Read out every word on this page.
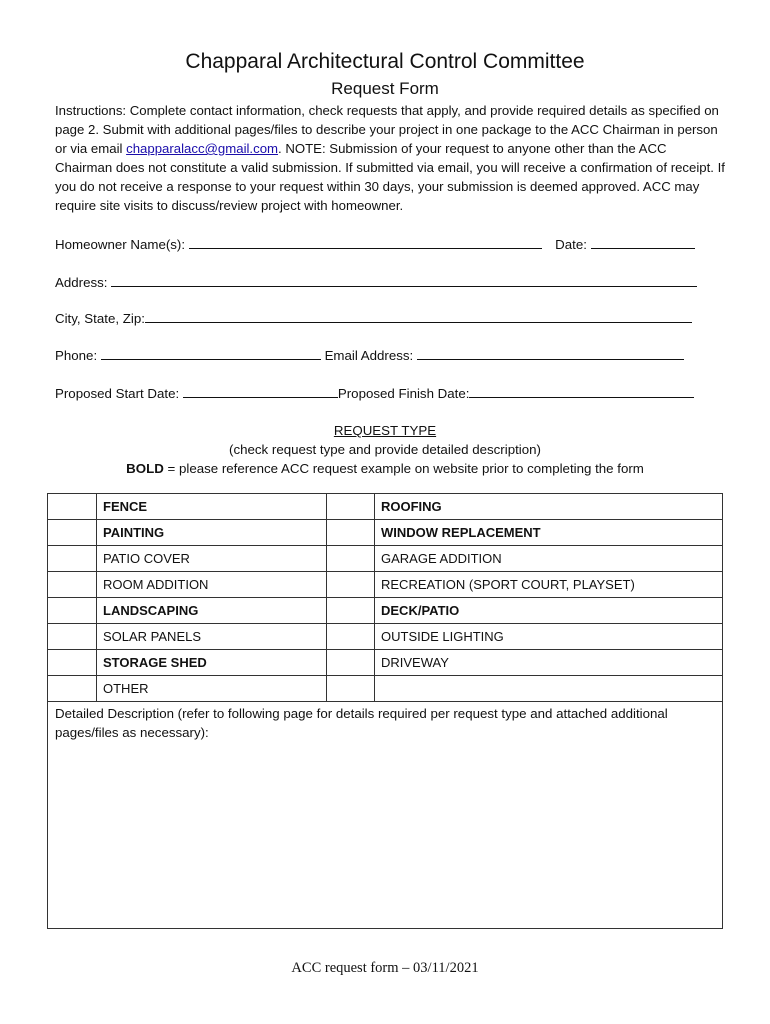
Chapparal Architectural Control Committee
Request Form
Instructions: Complete contact information, check requests that apply, and provide required details as specified on page 2. Submit with additional pages/files to describe your project in one package to the ACC Chairman in person or via email chapparalacc@gmail.com. NOTE: Submission of your request to anyone other than the ACC Chairman does not constitute a valid submission. If submitted via email, you will receive a confirmation of receipt. If you do not receive a response to your request within 30 days, your submission is deemed approved. ACC may require site visits to discuss/review project with homeowner.
Homeowner Name(s):	Date:
Address:
City, State, Zip:
Phone:	Email Address:
Proposed Start Date:	Proposed Finish Date:
REQUEST TYPE
(check request type and provide detailed description)
BOLD = please reference ACC request example on website prior to completing the form
	FENCE		ROOFING
	PAINTING		WINDOW REPLACEMENT
	PATIO COVER		GARAGE ADDITION
	ROOM ADDITION		RECREATION (SPORT COURT, PLAYSET)
	LANDSCAPING		DECK/PATIO
	SOLAR PANELS		OUTSIDE LIGHTING
	STORAGE SHED		DRIVEWAY
	OTHER		
Detailed Description (refer to following page for details required per request type and attached additional pages/files as necessary):
ACC request form – 03/11/2021
